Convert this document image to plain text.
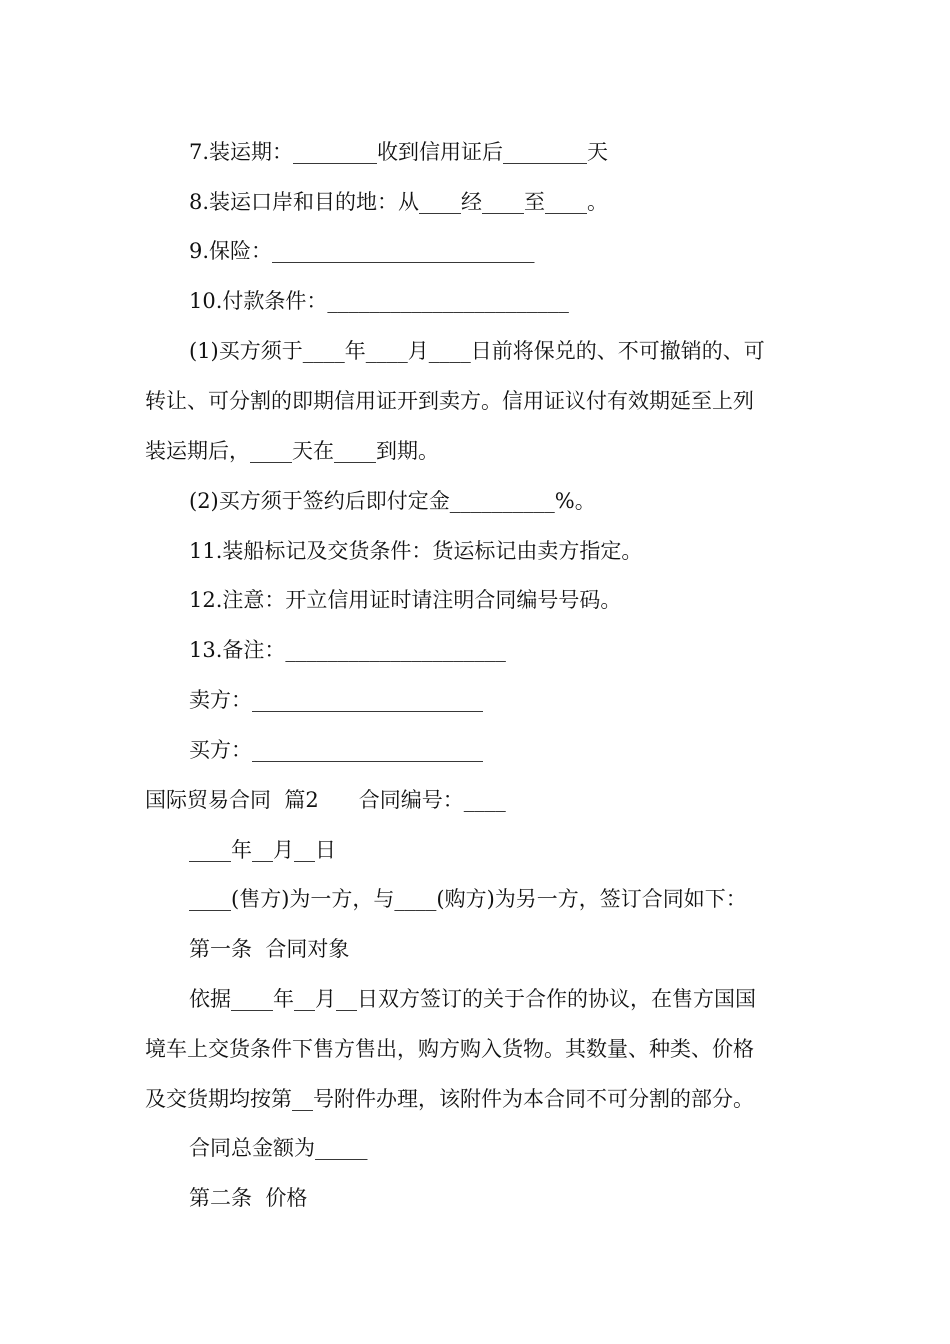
7.装运期：________收到信用证后________天
8.装运口岸和目的地：从____经____至____。
9.保险：_________________________
10.付款条件：_______________________
(1)买方须于____年____月____日前将保兑的、不可撤销的、可
转让、可分割的即期信用证开到卖方。信用证议付有效期延至上列
装运期后，____天在____到期。
(2)买方须于签约后即付定金__________%。
11.装船标记及交货条件：货运标记由卖方指定。
12.注意：开立信用证时请注明合同编号号码。
13.备注：_____________________
卖方：______________________
买方：______________________
国际贸易合同  篇2      合同编号：____
____年__月__日
____(售方)为一方，与____(购方)为另一方，签订合同如下：
第一条  合同对象
依据____年__月__日双方签订的关于合作的协议，在售方国国
境车上交货条件下售方售出，购方购入货物。其数量、种类、价格
及交货期均按第__号附件办理，该附件为本合同不可分割的部分。
合同总金额为_____
第二条  价格
